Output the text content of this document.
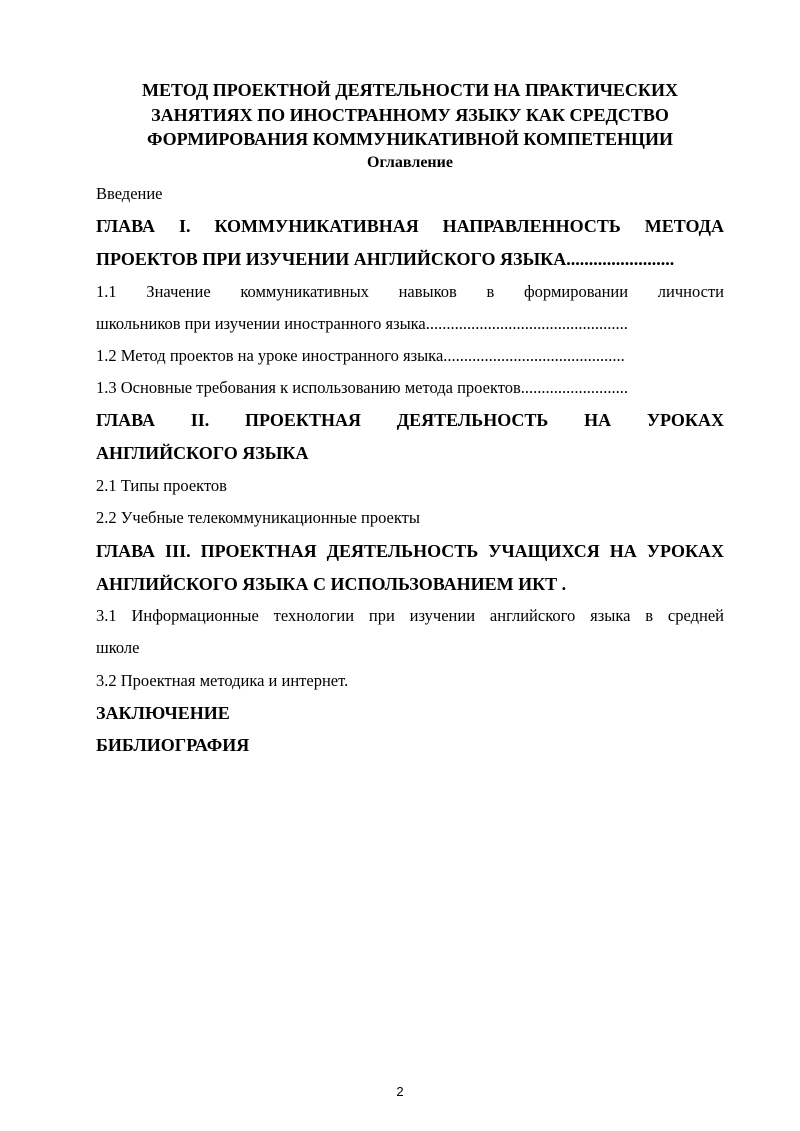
МЕТОД ПРОЕКТНОЙ ДЕЯТЕЛЬНОСТИ НА ПРАКТИЧЕСКИХ
ЗАНЯТИЯХ ПО ИНОСТРАННОМУ ЯЗЫКУ КАК СРЕДСТВО
ФОРМИРОВАНИЯ КОММУНИКАТИВНОЙ КОМПЕТЕНЦИИ
Оглавление
Введение
ГЛАВА I. КОММУНИКАТИВНАЯ НАПРАВЛЕННОСТЬ МЕТОДА
ПРОЕКТОВ ПРИ ИЗУЧЕНИИ АНГЛИЙСКОГО ЯЗЫКА........................
1.1 Значение коммуникативных навыков в формировании личности
школьников при изучении иностранного языка.................................................
1.2 Метод проектов на уроке иностранного языка............................................
1.3 Основные требования к использованию метода проектов..........................
ГЛАВА II. ПРОЕКТНАЯ ДЕЯТЕЛЬНОСТЬ НА УРОКАХ
АНГЛИЙСКОГО ЯЗЫКА
2.1 Типы проектов
2.2 Учебные телекоммуникационные проекты
ГЛАВА III. ПРОЕКТНАЯ ДЕЯТЕЛЬНОСТЬ УЧАЩИХСЯ НА УРОКАХ
АНГЛИЙСКОГО ЯЗЫКА С ИСПОЛЬЗОВАНИЕМ ИКТ .
3.1 Информационные технологии при изучении английского языка в средней
школе
3.2 Проектная методика и интернет.
ЗАКЛЮЧЕНИЕ
БИБЛИОГРАФИЯ
2
